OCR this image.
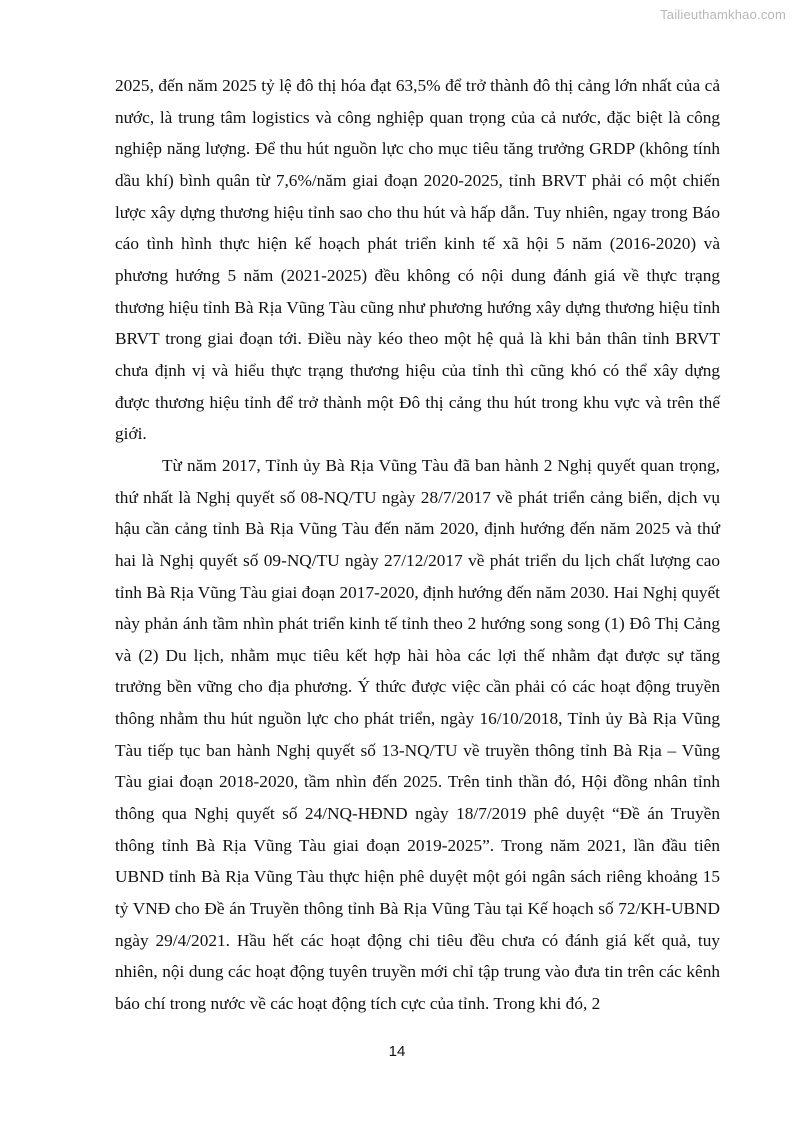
Tailieuthamkhao.com

2025, đến năm 2025 tỷ lệ đô thị hóa đạt 63,5% để trở thành đô thị cảng lớn nhất của cả nước, là trung tâm logistics và công nghiệp quan trọng của cả nước, đặc biệt là công nghiệp năng lượng. Để thu hút nguồn lực cho mục tiêu tăng trưởng GRDP (không tính dầu khí) bình quân từ 7,6%/năm giai đoạn 2020-2025, tỉnh BRVT phải có một chiến lược xây dựng thương hiệu tỉnh sao cho thu hút và hấp dẫn. Tuy nhiên, ngay trong Báo cáo tình hình thực hiện kế hoạch phát triển kinh tế xã hội 5 năm (2016-2020) và phương hướng 5 năm (2021-2025) đều không có nội dung đánh giá về thực trạng thương hiệu tỉnh Bà Rịa Vũng Tàu cũng như phương hướng xây dựng thương hiệu tỉnh BRVT trong giai đoạn tới. Điều này kéo theo một hệ quả là khi bản thân tỉnh BRVT chưa định vị và hiểu thực trạng thương hiệu của tỉnh thì cũng khó có thể xây dựng được thương hiệu tỉnh để trở thành một Đô thị cảng thu hút trong khu vực và trên thế giới.

Từ năm 2017, Tỉnh ủy Bà Rịa Vũng Tàu đã ban hành 2 Nghị quyết quan trọng, thứ nhất là Nghị quyết số 08-NQ/TU ngày 28/7/2017 về phát triển cảng biển, dịch vụ hậu cần cảng tỉnh Bà Rịa Vũng Tàu đến năm 2020, định hướng đến năm 2025 và thứ hai là Nghị quyết số 09-NQ/TU ngày 27/12/2017 về phát triển du lịch chất lượng cao tỉnh Bà Rịa Vũng Tàu giai đoạn 2017-2020, định hướng đến năm 2030. Hai Nghị quyết này phản ánh tầm nhìn phát triển kinh tế tỉnh theo 2 hướng song song (1) Đô Thị Cảng và (2) Du lịch, nhằm mục tiêu kết hợp hài hòa các lợi thế nhằm đạt được sự tăng trưởng bền vững cho địa phương. Ý thức được việc cần phải có các hoạt động truyền thông nhằm thu hút nguồn lực cho phát triển, ngày 16/10/2018, Tỉnh ủy Bà Rịa Vũng Tàu tiếp tục ban hành Nghị quyết số 13-NQ/TU về truyền thông tỉnh Bà Rịa – Vũng Tàu giai đoạn 2018-2020, tầm nhìn đến 2025. Trên tinh thần đó, Hội đồng nhân tỉnh thông qua Nghị quyết số 24/NQ-HĐND ngày 18/7/2019 phê duyệt “Đề án Truyền thông tỉnh Bà Rịa Vũng Tàu giai đoạn 2019-2025”. Trong năm 2021, lần đầu tiên UBND tỉnh Bà Rịa Vũng Tàu thực hiện phê duyệt một gói ngân sách riêng khoảng 15 tỷ VNĐ cho Đề án Truyền thông tỉnh Bà Rịa Vũng Tàu tại Kế hoạch số 72/KH-UBND ngày 29/4/2021. Hầu hết các hoạt động chi tiêu đều chưa có đánh giá kết quả, tuy nhiên, nội dung các hoạt động tuyên truyền mới chỉ tập trung vào đưa tin trên các kênh báo chí trong nước về các hoạt động tích cực của tỉnh. Trong khi đó, 2

14
